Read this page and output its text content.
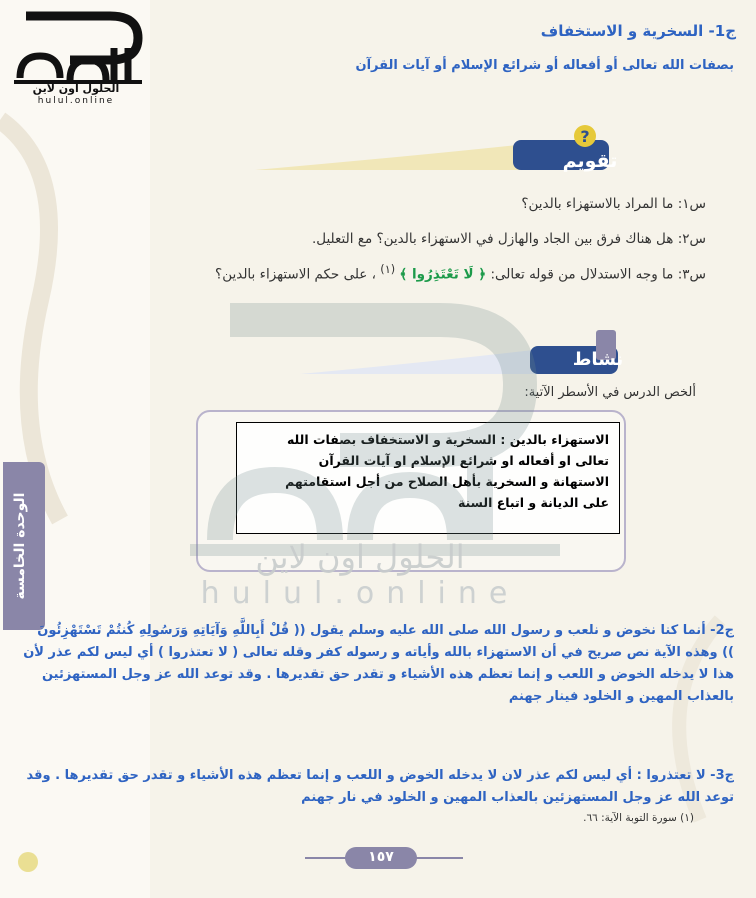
الحلول اون لاين
hulul.online
ج1- السخرية و الاستخفاف
بصفات الله تعالى أو أفعاله أو شرائع الإسلام أو آيات القرآن
?
تقويم
س١: ما المراد بالاستهزاء بالدين؟
س٢: هل هناك فرق بين الجاد والهازل في الاستهزاء بالدين؟ مع التعليل.
س٣: ما وجه الاستدلال من قوله تعالى: ﴿ لَا تَعْتَذِرُوا ﴾ $^{(١)}$ ، على حكم الاستهزاء بالدين؟
نشاط
ألخص الدرس في الأسطر الآتية:
الاستهزاء بالدين : السخرية و الاستخفاف بصفات الله
تعالى او أفعاله او شرائع الإسلام او آيات القرآن
الاستهانة و السخرية بأهل الصلاح من أجل استقامتهم
على الديانة و اتباع السنة
الحلول اون لاين
hulul.online
الوحدة الخامسة
ج2- أنما كنا نخوض و نلعب و رسول الله صلى الله عليه وسلم يقول (( قُلْ أَبِاللَّهِ وَآيَاتِهِ وَرَسُولِهِ كُنتُمْ تَسْتَهْزِئُونَ )) وهذه الآية نص صريح في أن الاستهزاء بالله وأياته و رسوله كفر وقله تعالى ( لا تعتذروا ) أي ليس لكم عذر لأن هذا لا يدخله الخوض و اللعب و إنما تعظم هذه الأشياء و تقدر حق تقديرها . وقد توعد الله عز وجل المستهزئين بالعذاب المهين و الخلود فينار جهنم
ج3- لا تعتذروا : أي ليس لكم عذر لان لا يدخله الخوض و اللعب و إنما تعظم هذه الأشياء و تقدر حق تقديرها . وقد توعد الله عز وجل المستهزئين بالعذاب المهين و الخلود في نار جهنم
(١) سورة التوبة الآية: ٦٦.
١٥٧
